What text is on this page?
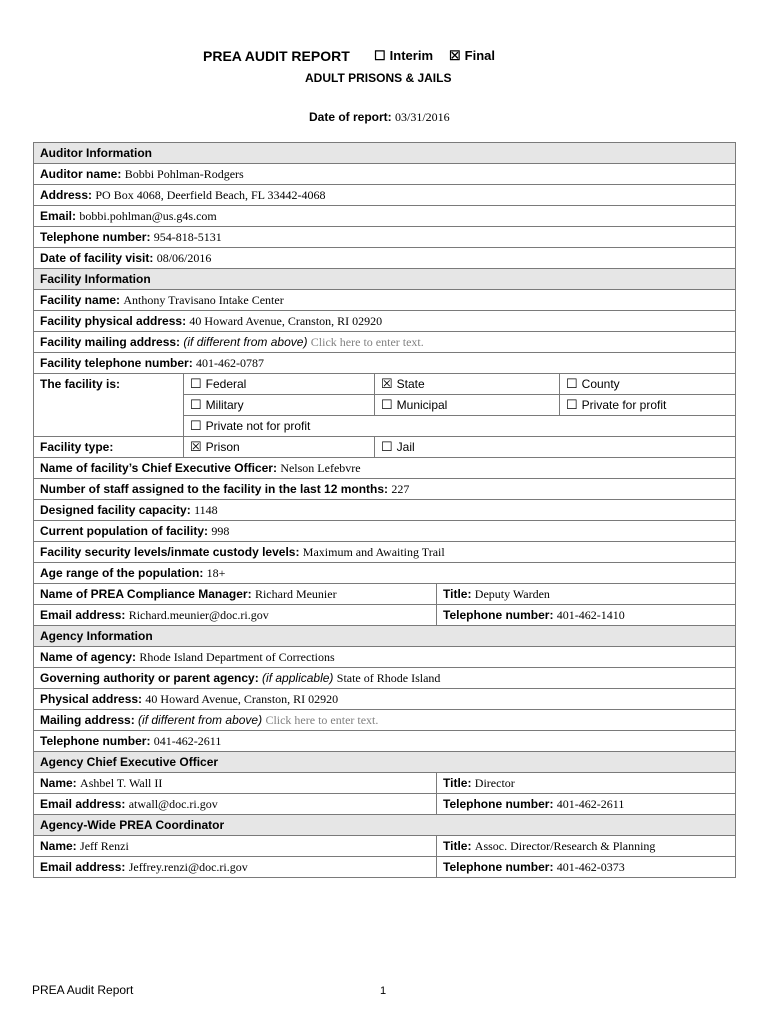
PREA AUDIT REPORT ☐ Interim ☒ Final
ADULT PRISONS & JAILS
Date of report: 03/31/2016
Auditor Information				
Auditor name: Bobbi Pohlman-Rodgers				
Address: PO Box 4068, Deerfield Beach, FL 33442-4068				
Email: bobbi.pohlman@us.g4s.com				
Telephone number: 954-818-5131				
Date of facility visit: 08/06/2016				
Facility Information				
Facility name: Anthony Travisano Intake Center				
Facility physical address: 40 Howard Avenue, Cranston, RI 02920				
Facility mailing address: (if different from above) Click here to enter text.				
Facility telephone number: 401-462-0787				
The facility is:	☐ Federal	☒ State		☐ County
	☐ Military	☐ Municipal		☐ Private for profit
	☐ Private not for profit			
Facility type:	☒ Prison	☐ Jail		
Name of facility’s Chief Executive Officer: Nelson Lefebvre				
Number of staff assigned to the facility in the last 12 months: 227				
Designed facility capacity: 1148				
Current population of facility: 998				
Facility security levels/inmate custody levels: Maximum and Awaiting Trail				
Age range of the population: 18+				
Name of PREA Compliance Manager: Richard Meunier			Title: Deputy Warden	
Email address: Richard.meunier@doc.ri.gov			Telephone number: 401-462-1410	
Agency Information				
Name of agency: Rhode Island Department of Corrections				
Governing authority or parent agency: (if applicable) State of Rhode Island				
Physical address: 40 Howard Avenue, Cranston, RI 02920				
Mailing address: (if different from above) Click here to enter text.				
Telephone number: 041-462-2611				
Agency Chief Executive Officer				
Name: Ashbel T. Wall II			Title: Director	
Email address: atwall@doc.ri.gov			Telephone number: 401-462-2611	
Agency-Wide PREA Coordinator				
Name: Jeff Renzi			Title: Assoc. Director/Research & Planning	
Email address: Jeffrey.renzi@doc.ri.gov			Telephone number: 401-462-0373	
PREA Audit Report	1
